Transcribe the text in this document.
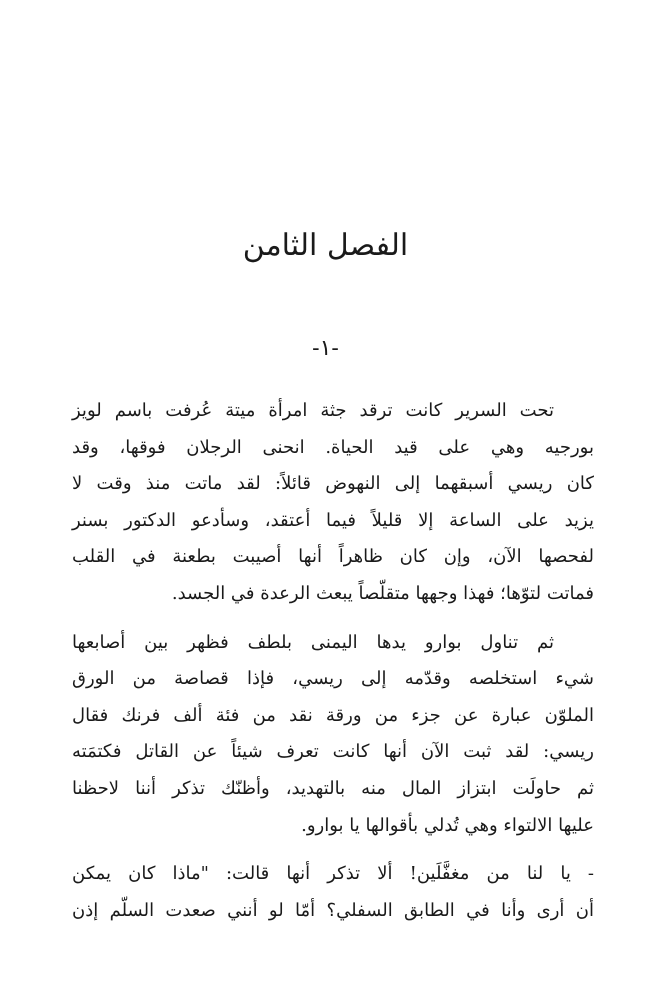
الفصل الثامن
-١-

تحت السرير كانت ترقد جثة امرأة ميتة عُرفت باسم لويز
بورجيه وهي على قيد الحياة. انحنى الرجلان فوقها، وقد
كان ريسي أسبقهما إلى النهوض قائلاً: لقد ماتت منذ وقت لا
يزيد على الساعة إلا قليلاً فيما أعتقد، وسأدعو الدكتور بسنر
لفحصها الآن، وإن كان ظاهراً أنها أصيبت بطعنة في القلب
فماتت لتوّها؛ فهذا وجهها متقلّصاً يبعث الرعدة في الجسد.

ثم تناول بوارو يدها اليمنى بلطف فظهر بين أصابعها
شيء استخلصه وقدّمه إلى ريسي، فإذا قصاصة من الورق
الملوّن عبارة عن جزء من ورقة نقد من فئة ألف فرنك فقال
ريسي: لقد ثبت الآن أنها كانت تعرف شيئاً عن القاتل فكتمَته
ثم حاولَت ابتزاز المال منه بالتهديد، وأظنّك تذكر أننا لاحظنا
عليها الالتواء وهي تُدلي بأقوالها يا بوارو.

- يا لنا من مغفَّلَين! ألا تذكر أنها قالت: "ماذا كان يمكن
أن أرى وأنا في الطابق السفلي؟ أمّا لو أنني صعدت السلّم إذن
